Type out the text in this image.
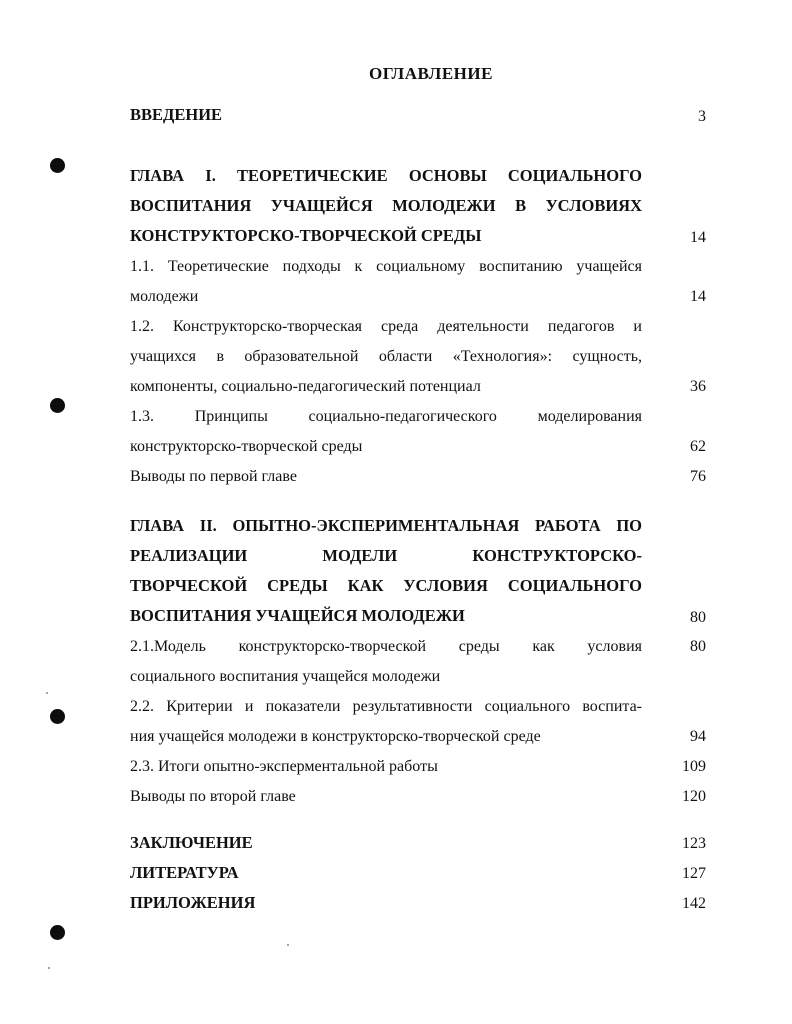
ОГЛАВЛЕНИЕ
ВВЕДЕНИЕ	3
ГЛАВА I. ТЕОРЕТИЧЕСКИЕ ОСНОВЫ СОЦИАЛЬНОГО
ВОСПИТАНИЯ УЧАЩЕЙСЯ МОЛОДЕЖИ В УСЛОВИЯХ
КОНСТРУКТОРСКО-ТВОРЧЕСКОЙ СРЕДЫ	14
1.1. Теоретические подходы к социальному воспитанию учащейся
молодежи	14
1.2. Конструкторско-творческая среда деятельности педагогов и
учащихся в образовательной области «Технология»: сущность,
компоненты, социально-педагогический потенциал	36
1.3. Принципы социально-педагогического моделирования
конструкторско-творческой среды	62
Выводы по первой главе	76
ГЛАВА II. ОПЫТНО-ЭКСПЕРИМЕНТАЛЬНАЯ РАБОТА ПО
РЕАЛИЗАЦИИ МОДЕЛИ КОНСТРУКТОРСКО-
ТВОРЧЕСКОЙ СРЕДЫ КАК УСЛОВИЯ СОЦИАЛЬНОГО
ВОСПИТАНИЯ УЧАЩЕЙСЯ МОЛОДЕЖИ	80
2.1.Модель конструкторско-творческой среды как условия	80
социального воспитания учащейся молодежи
2.2. Критерии и показатели результативности социального воспита-
ния учащейся молодежи в конструкторско-творческой среде	94
2.3. Итоги опытно-эксперментальной работы	109
Выводы по второй главе	120
ЗАКЛЮЧЕНИЕ	123
ЛИТЕРАТУРА	127
ПРИЛОЖЕНИЯ	142
